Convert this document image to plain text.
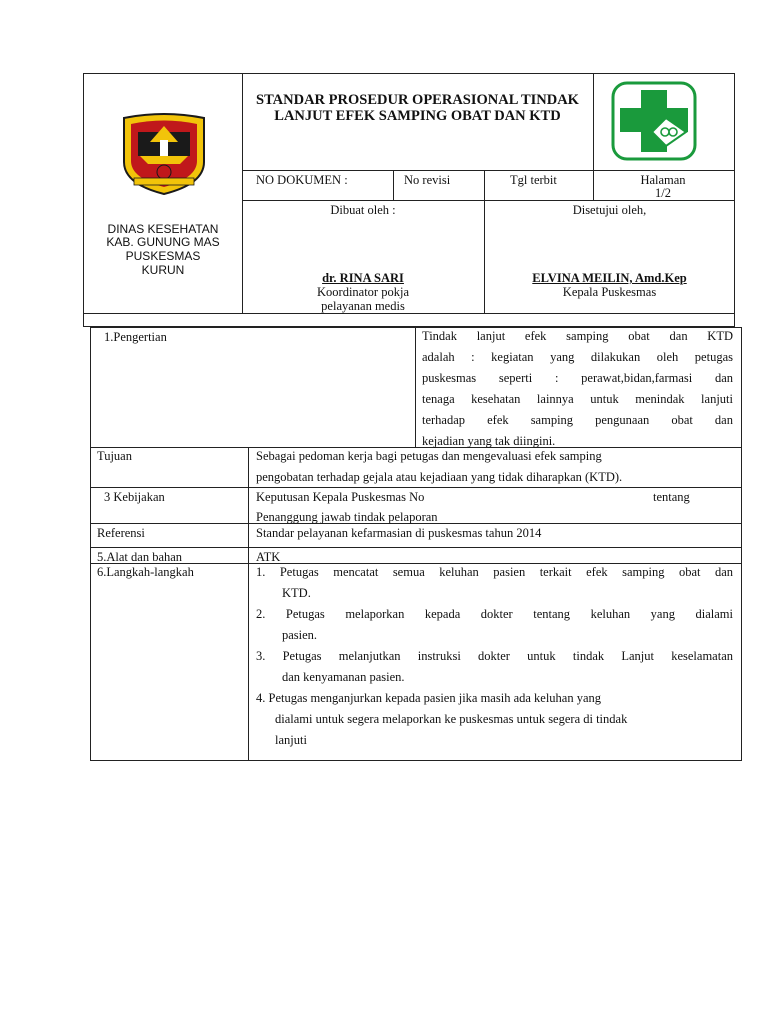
STANDAR PROSEDUR OPERASIONAL TINDAK LANJUT EFEK SAMPING OBAT DAN KTD
DINAS KESEHATAN
KAB. GUNUNG MAS
PUSKESMAS
KURUN
NO DOKUMEN :	No revisi	Tgl terbit	Halaman
1/2
Dibuat oleh :	Disetujui oleh,
dr. RINA SARI
Koordinator pokja
pelayanan medis
ELVINA MEILIN, Amd.Kep
Kepala Puskesmas
1.Pengertian	Tindak lanjut efek samping obat dan KTD
adalah : kegiatan yang dilakukan oleh petugas
puskesmas seperti : perawat,bidan,farmasi dan
tenaga kesehatan lainnya untuk menindak lanjuti
terhadap efek samping pengunaan obat dan
kejadian yang tak diingini.
Tujuan	Sebagai pedoman kerja bagi petugas dan mengevaluasi efek samping
pengobatan terhadap gejala atau kejadiaan yang tidak diharapkan (KTD).
3 Kebijakan	Keputusan Kepala Puskesmas No	tentang
Penanggung jawab tindak pelaporan
Referensi	Standar pelayanan kefarmasian di puskesmas tahun 2014
5.Alat dan bahan	ATK
6.Langkah-langkah	1. Petugas mencatat semua keluhan pasien terkait efek samping obat dan
KTD.
2. Petugas melaporkan kepada dokter tentang keluhan yang dialami
pasien.
3. Petugas melanjutkan instruksi dokter untuk tindak Lanjut keselamatan
dan kenyamanan pasien.
4. Petugas menganjurkan kepada pasien jika masih ada keluhan yang
dialami untuk segera melaporkan ke puskesmas untuk segera di tindak
lanjuti
